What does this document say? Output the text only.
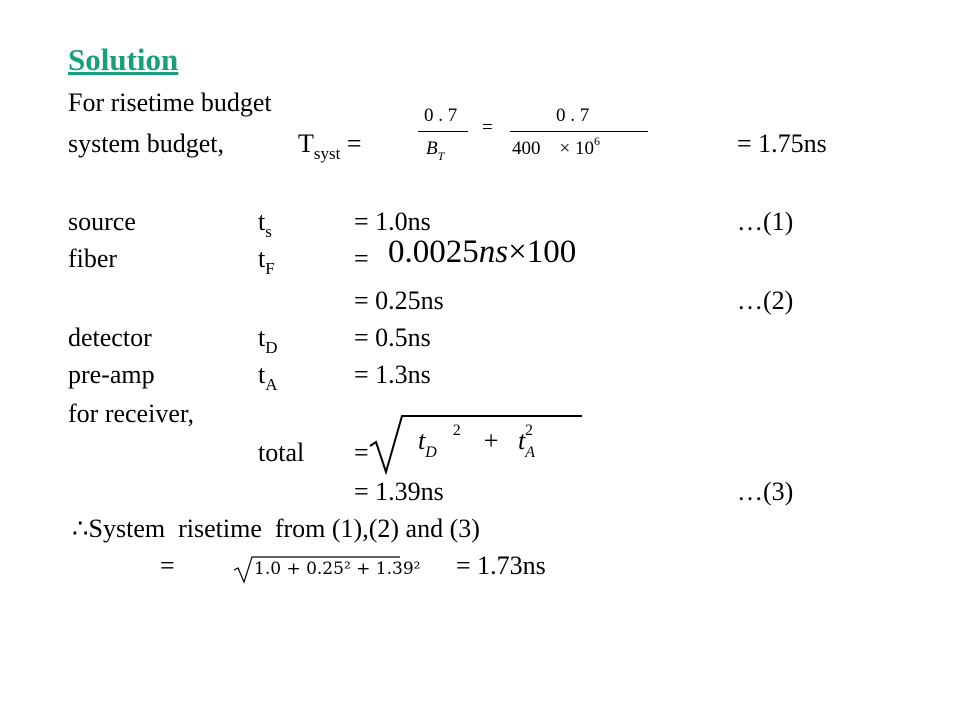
Solution
For risetime budget
system budget,	$T_{syst}$ =
0 . 7
$B_T$
=
0 . 7
$400 \times 10^6$	= 1.75ns
source	$t_s$	= 1.0ns	…(1)
fiber	$t_F$	= 0.0025ns×100
= 0.25ns	…(2)
detector	$t_D$	= 0.5ns
pre-amp	$t_A$	= 1.3ns
for receiver,
total = $t_D^2 + t_A^2$
= 1.39ns	…(3)
∴System  risetime  from (1),(2) and (3)
=	1.0 + 0.25² + 1.39² = 1.73ns
